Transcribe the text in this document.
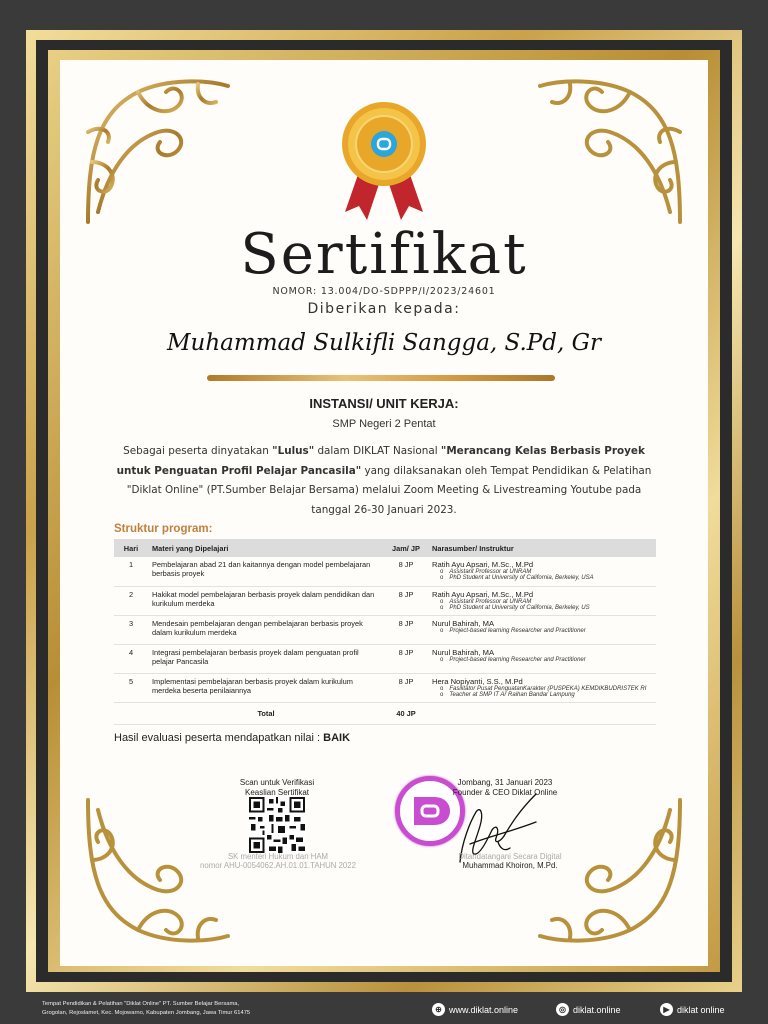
Sertifikat
NOMOR: 13.004/DO-SDPPP/I/2023/24601
Diberikan kepada:
Muhammad Sulkifli Sangga, S.Pd, Gr
INSTANSI/ UNIT KERJA:
SMP Negeri 2 Pentat
Sebagai peserta dinyatakan "Lulus" dalam DIKLAT Nasional "Merancang Kelas Berbasis Proyek untuk Penguatan Profil Pelajar Pancasila" yang dilaksanakan oleh Tempat Pendidikan & Pelatihan "Diklat Online" (PT.Sumber Belajar Bersama) melalui Zoom Meeting & Livestreaming Youtube pada tanggal 26-30 Januari 2023.
Struktur program:
Hari	Materi yang Dipelajari	Jam/ JP	Narasumber/ Instruktur
1	Pembelajaran abad 21 dan kaitannya dengan model pembelajaran berbasis proyek	8 JP	Ratih Ayu Apsari, M.Sc., M.Pd
o Assistant Professor at UNRAM
o PhD Student at University of California, Berkeley, USA

2	Hakikat model pembelajaran berbasis proyek dalam pendidikan dan kurikulum merdeka	8 JP	Ratih Ayu Apsari, M.Sc., M.Pd
o Assistant Professor at UNRAM
o PhD Student at University of California, Berkeley, US

3	Mendesain pembelajaran dengan pembelajaran berbasis proyek dalam kurikulum merdeka	8 JP	Nurul Bahirah, MA
o Project-based learning Researcher and Practitioner

4	Integrasi pembelajaran berbasis proyek dalam penguatan profil pelajar Pancasila	8 JP	Nurul Bahirah, MA
o Project-based learning Researcher and Practitioner

5	Implementasi pembelajaran berbasis proyek dalam kurikulum merdeka beserta penilaiannya	8 JP	Hera Nopiyanti, S.S., M.Pd
o Fasilitator Pusat PenguatanKarakter (PUSPEKA) KEMDIKBUDRISTEK RI
o Teacher at SMP IT Ar Raihan Bandar Lampung

	Total	40 JP	
Hasil evaluasi peserta mendapatkan nilai : BAIK
Scan untuk Verifikasi
Keaslian Sertifikat
SK menteri Hukum dan HAM
nomor AHU-0054062.AH.01.01.TAHUN 2022
Jombang, 31 Januari 2023
Founder & CEO Diklat Online
Ditandatangani Secara Digital
Muhammad Khoiron, M.Pd.
Tempat Pendidikan & Pelatihan "Diklat Online" PT. Sumber Belajar Bersama,
Grogolan, Rejoslamet, Kec. Mojowarno, Kabupaten Jombang, Jawa Timur 61475	⊕ www.diklat.online	◎ diklat.online	▶ diklat online
